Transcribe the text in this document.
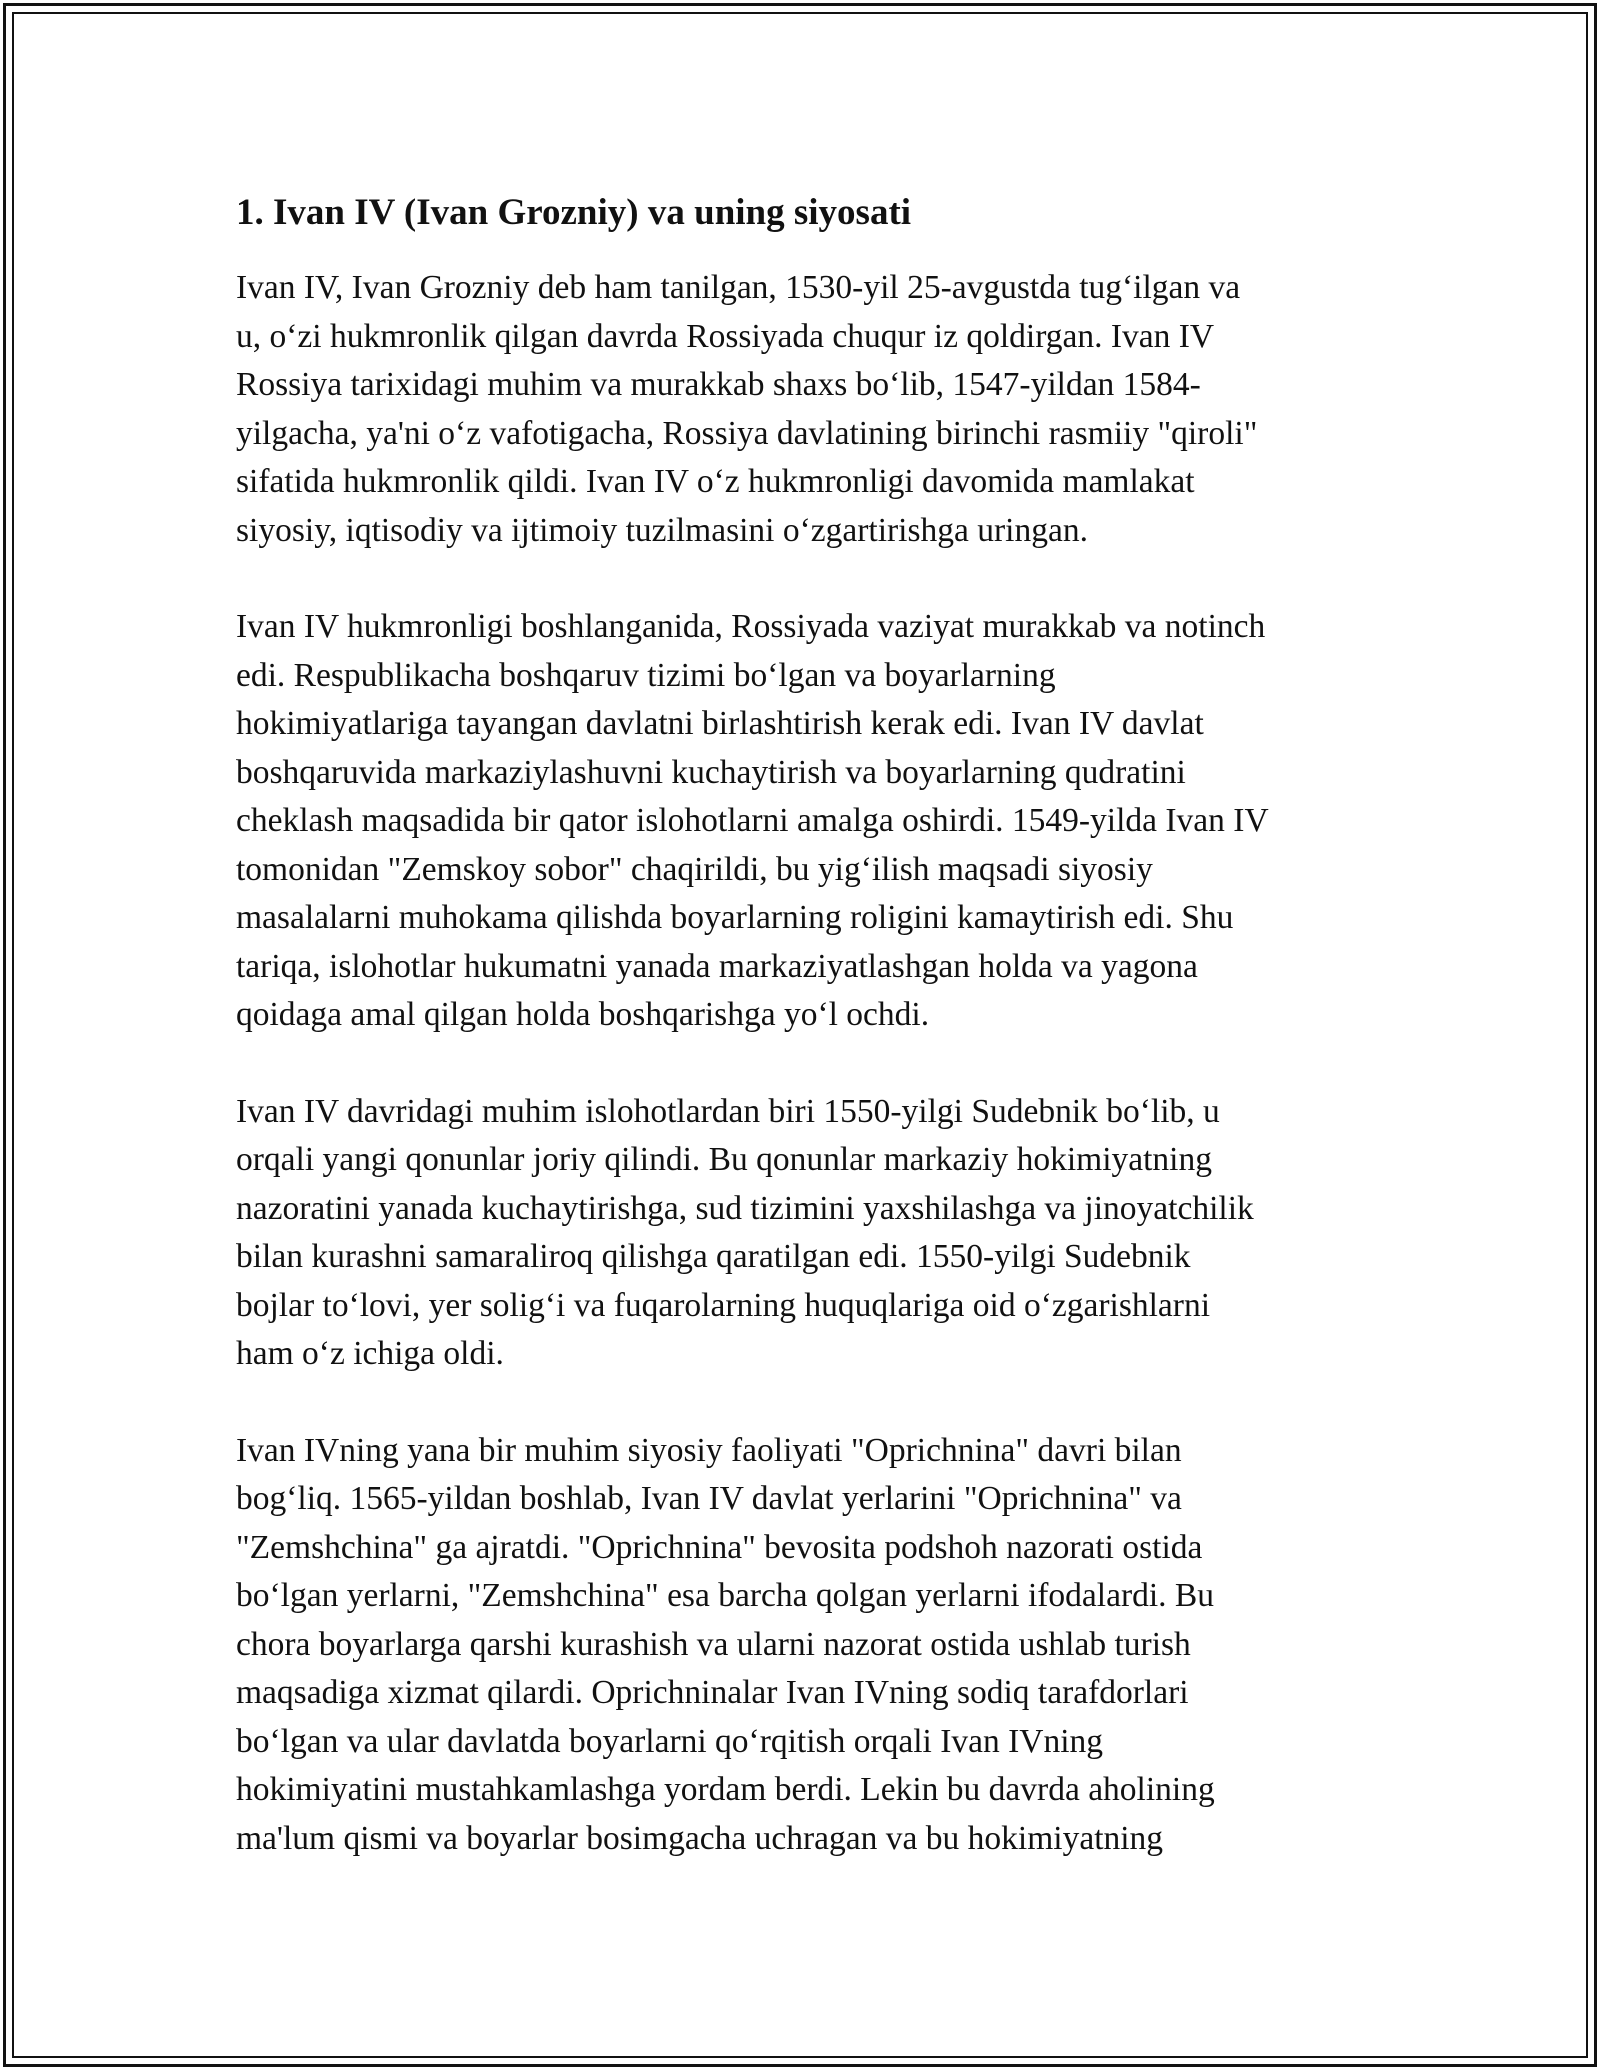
1. Ivan IV (Ivan Grozniy) va uning siyosati

Ivan IV, Ivan Grozniy deb ham tanilgan, 1530-yil 25-avgustda tug‘ilgan va
u, o‘zi hukmronlik qilgan davrda Rossiyada chuqur iz qoldirgan. Ivan IV
Rossiya tarixidagi muhim va murakkab shaxs bo‘lib, 1547-yildan 1584-
yilgacha, ya'ni o‘z vafotigacha, Rossiya davlatining birinchi rasmiiy "qiroli"
sifatida hukmronlik qildi. Ivan IV o‘z hukmronligi davomida mamlakat
siyosiy, iqtisodiy va ijtimoiy tuzilmasini o‘zgartirishga uringan.

Ivan IV hukmronligi boshlanganida, Rossiyada vaziyat murakkab va notinch
edi. Respublikacha boshqaruv tizimi bo‘lgan va boyarlarning
hokimiyatlariga tayangan davlatni birlashtirish kerak edi. Ivan IV davlat
boshqaruvida markaziylashuvni kuchaytirish va boyarlarning qudratini
cheklash maqsadida bir qator islohotlarni amalga oshirdi. 1549-yilda Ivan IV
tomonidan "Zemskoy sobor" chaqirildi, bu yig‘ilish maqsadi siyosiy
masalalarni muhokama qilishda boyarlarning roligini kamaytirish edi. Shu
tariqa, islohotlar hukumatni yanada markaziyatlashgan holda va yagona
qoidaga amal qilgan holda boshqarishga yo‘l ochdi.

Ivan IV davridagi muhim islohotlardan biri 1550-yilgi Sudebnik bo‘lib, u
orqali yangi qonunlar joriy qilindi. Bu qonunlar markaziy hokimiyatning
nazoratini yanada kuchaytirishga, sud tizimini yaxshilashga va jinoyatchilik
bilan kurashni samaraliroq qilishga qaratilgan edi. 1550-yilgi Sudebnik
bojlar to‘lovi, yer solig‘i va fuqarolarning huquqlariga oid o‘zgarishlarni
ham o‘z ichiga oldi.

Ivan IVning yana bir muhim siyosiy faoliyati "Oprichnina" davri bilan
bog‘liq. 1565-yildan boshlab, Ivan IV davlat yerlarini "Oprichnina" va
"Zemshchina" ga ajratdi. "Oprichnina" bevosita podshoh nazorati ostida
bo‘lgan yerlarni, "Zemshchina" esa barcha qolgan yerlarni ifodalardi. Bu
chora boyarlarga qarshi kurashish va ularni nazorat ostida ushlab turish
maqsadiga xizmat qilardi. Oprichninalar Ivan IVning sodiq tarafdorlari
bo‘lgan va ular davlatda boyarlarni qo‘rqitish orqali Ivan IVning
hokimiyatini mustahkamlashga yordam berdi. Lekin bu davrda aholining
ma'lum qismi va boyarlar bosimgacha uchragan va bu hokimiyatning
